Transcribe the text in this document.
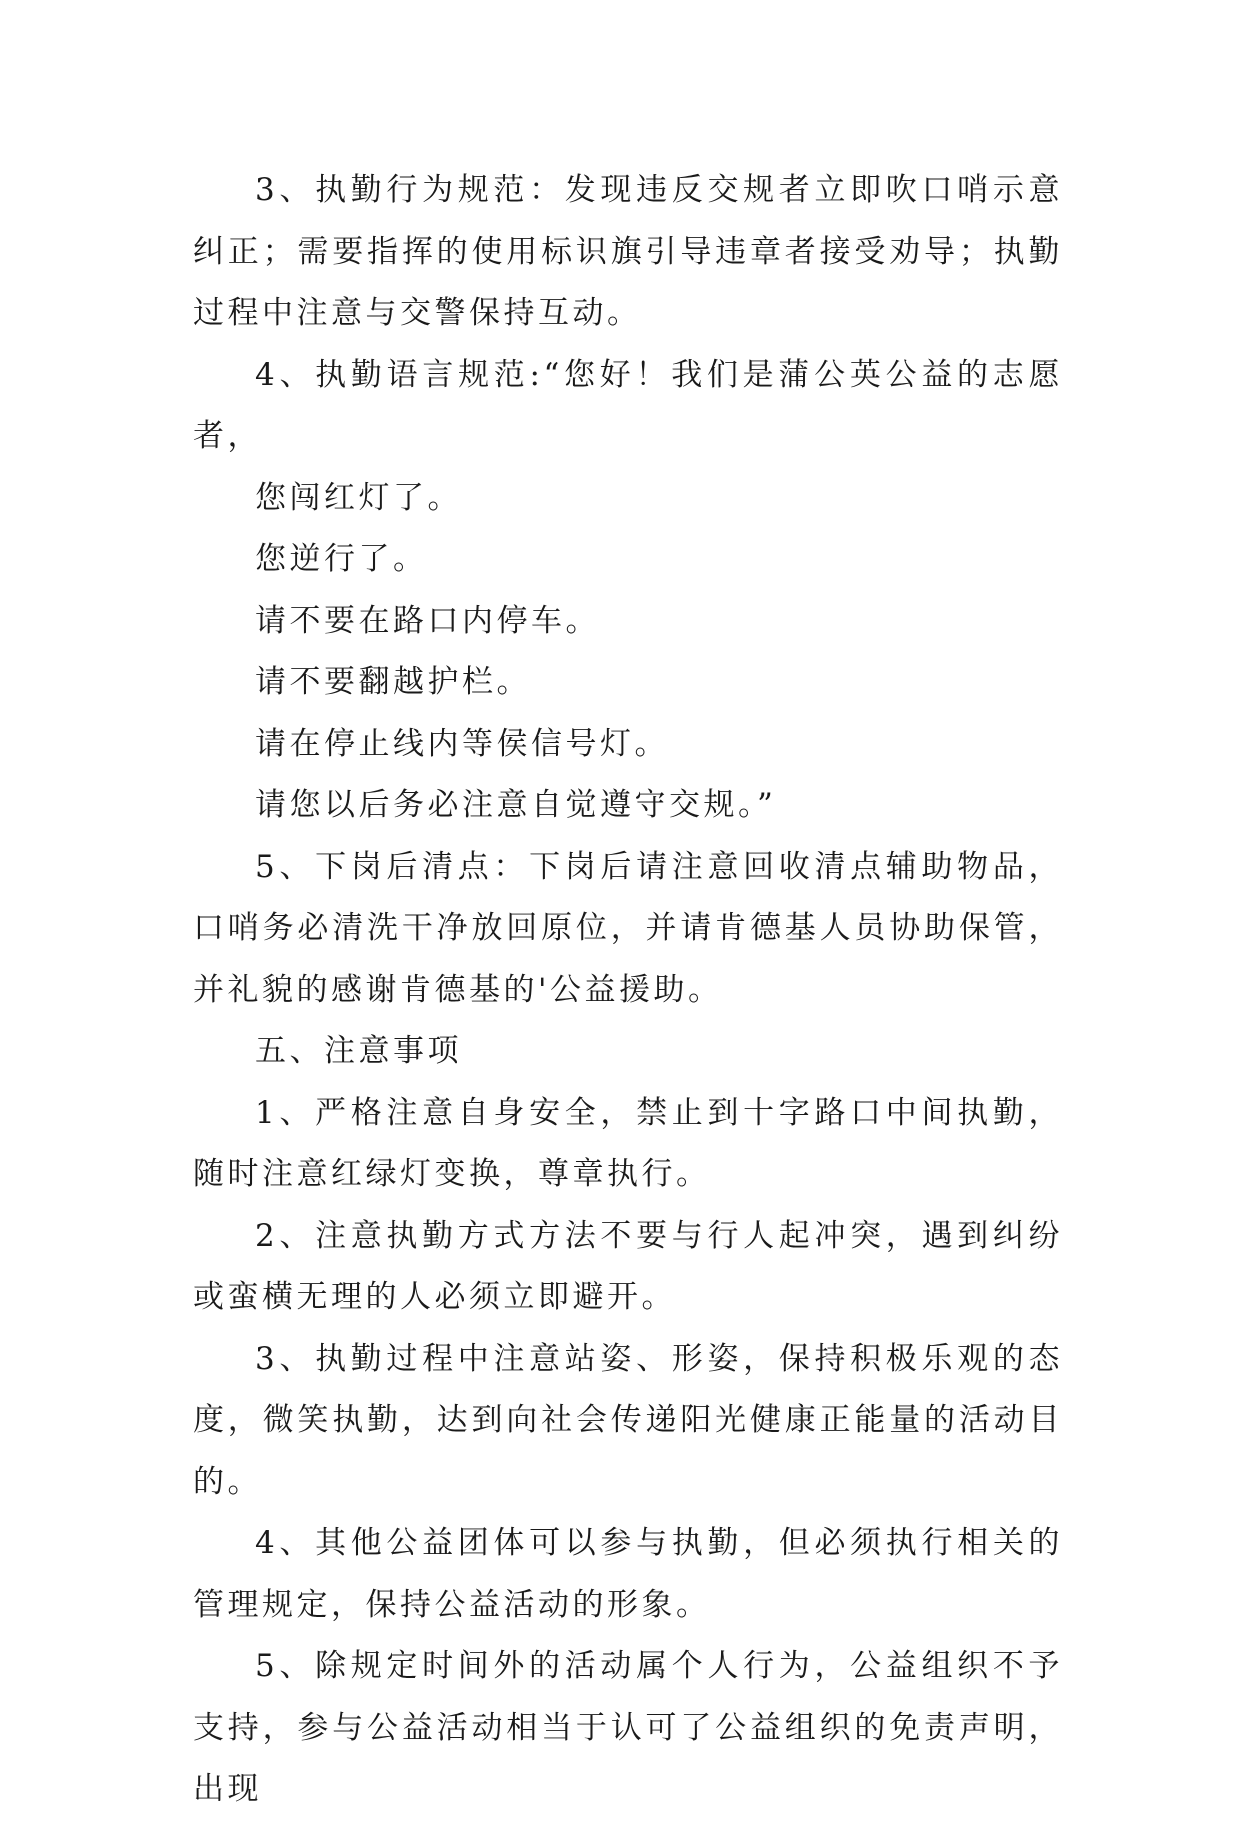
3、执勤行为规范：发现违反交规者立即吹口哨示意纠正；需要指挥的使用标识旗引导违章者接受劝导；执勤过程中注意与交警保持互动。

4、执勤语言规范:“您好！我们是蒲公英公益的志愿者，

您闯红灯了。

您逆行了。

请不要在路口内停车。

请不要翻越护栏。

请在停止线内等侯信号灯。

请您以后务必注意自觉遵守交规。”

5、下岗后清点：下岗后请注意回收清点辅助物品，口哨务必清洗干净放回原位，并请肯德基人员协助保管，并礼貌的感谢肯德基的'公益援助。

五、注意事项

1、严格注意自身安全，禁止到十字路口中间执勤，随时注意红绿灯变换，尊章执行。

2、注意执勤方式方法不要与行人起冲突，遇到纠纷或蛮横无理的人必须立即避开。

3、执勤过程中注意站姿、形姿，保持积极乐观的态度，微笑执勤，达到向社会传递阳光健康正能量的活动目的。

4、其他公益团体可以参与执勤，但必须执行相关的管理规定，保持公益活动的形象。

5、除规定时间外的活动属个人行为，公益组织不予支持，参与公益活动相当于认可了公益组织的免责声明，出现
